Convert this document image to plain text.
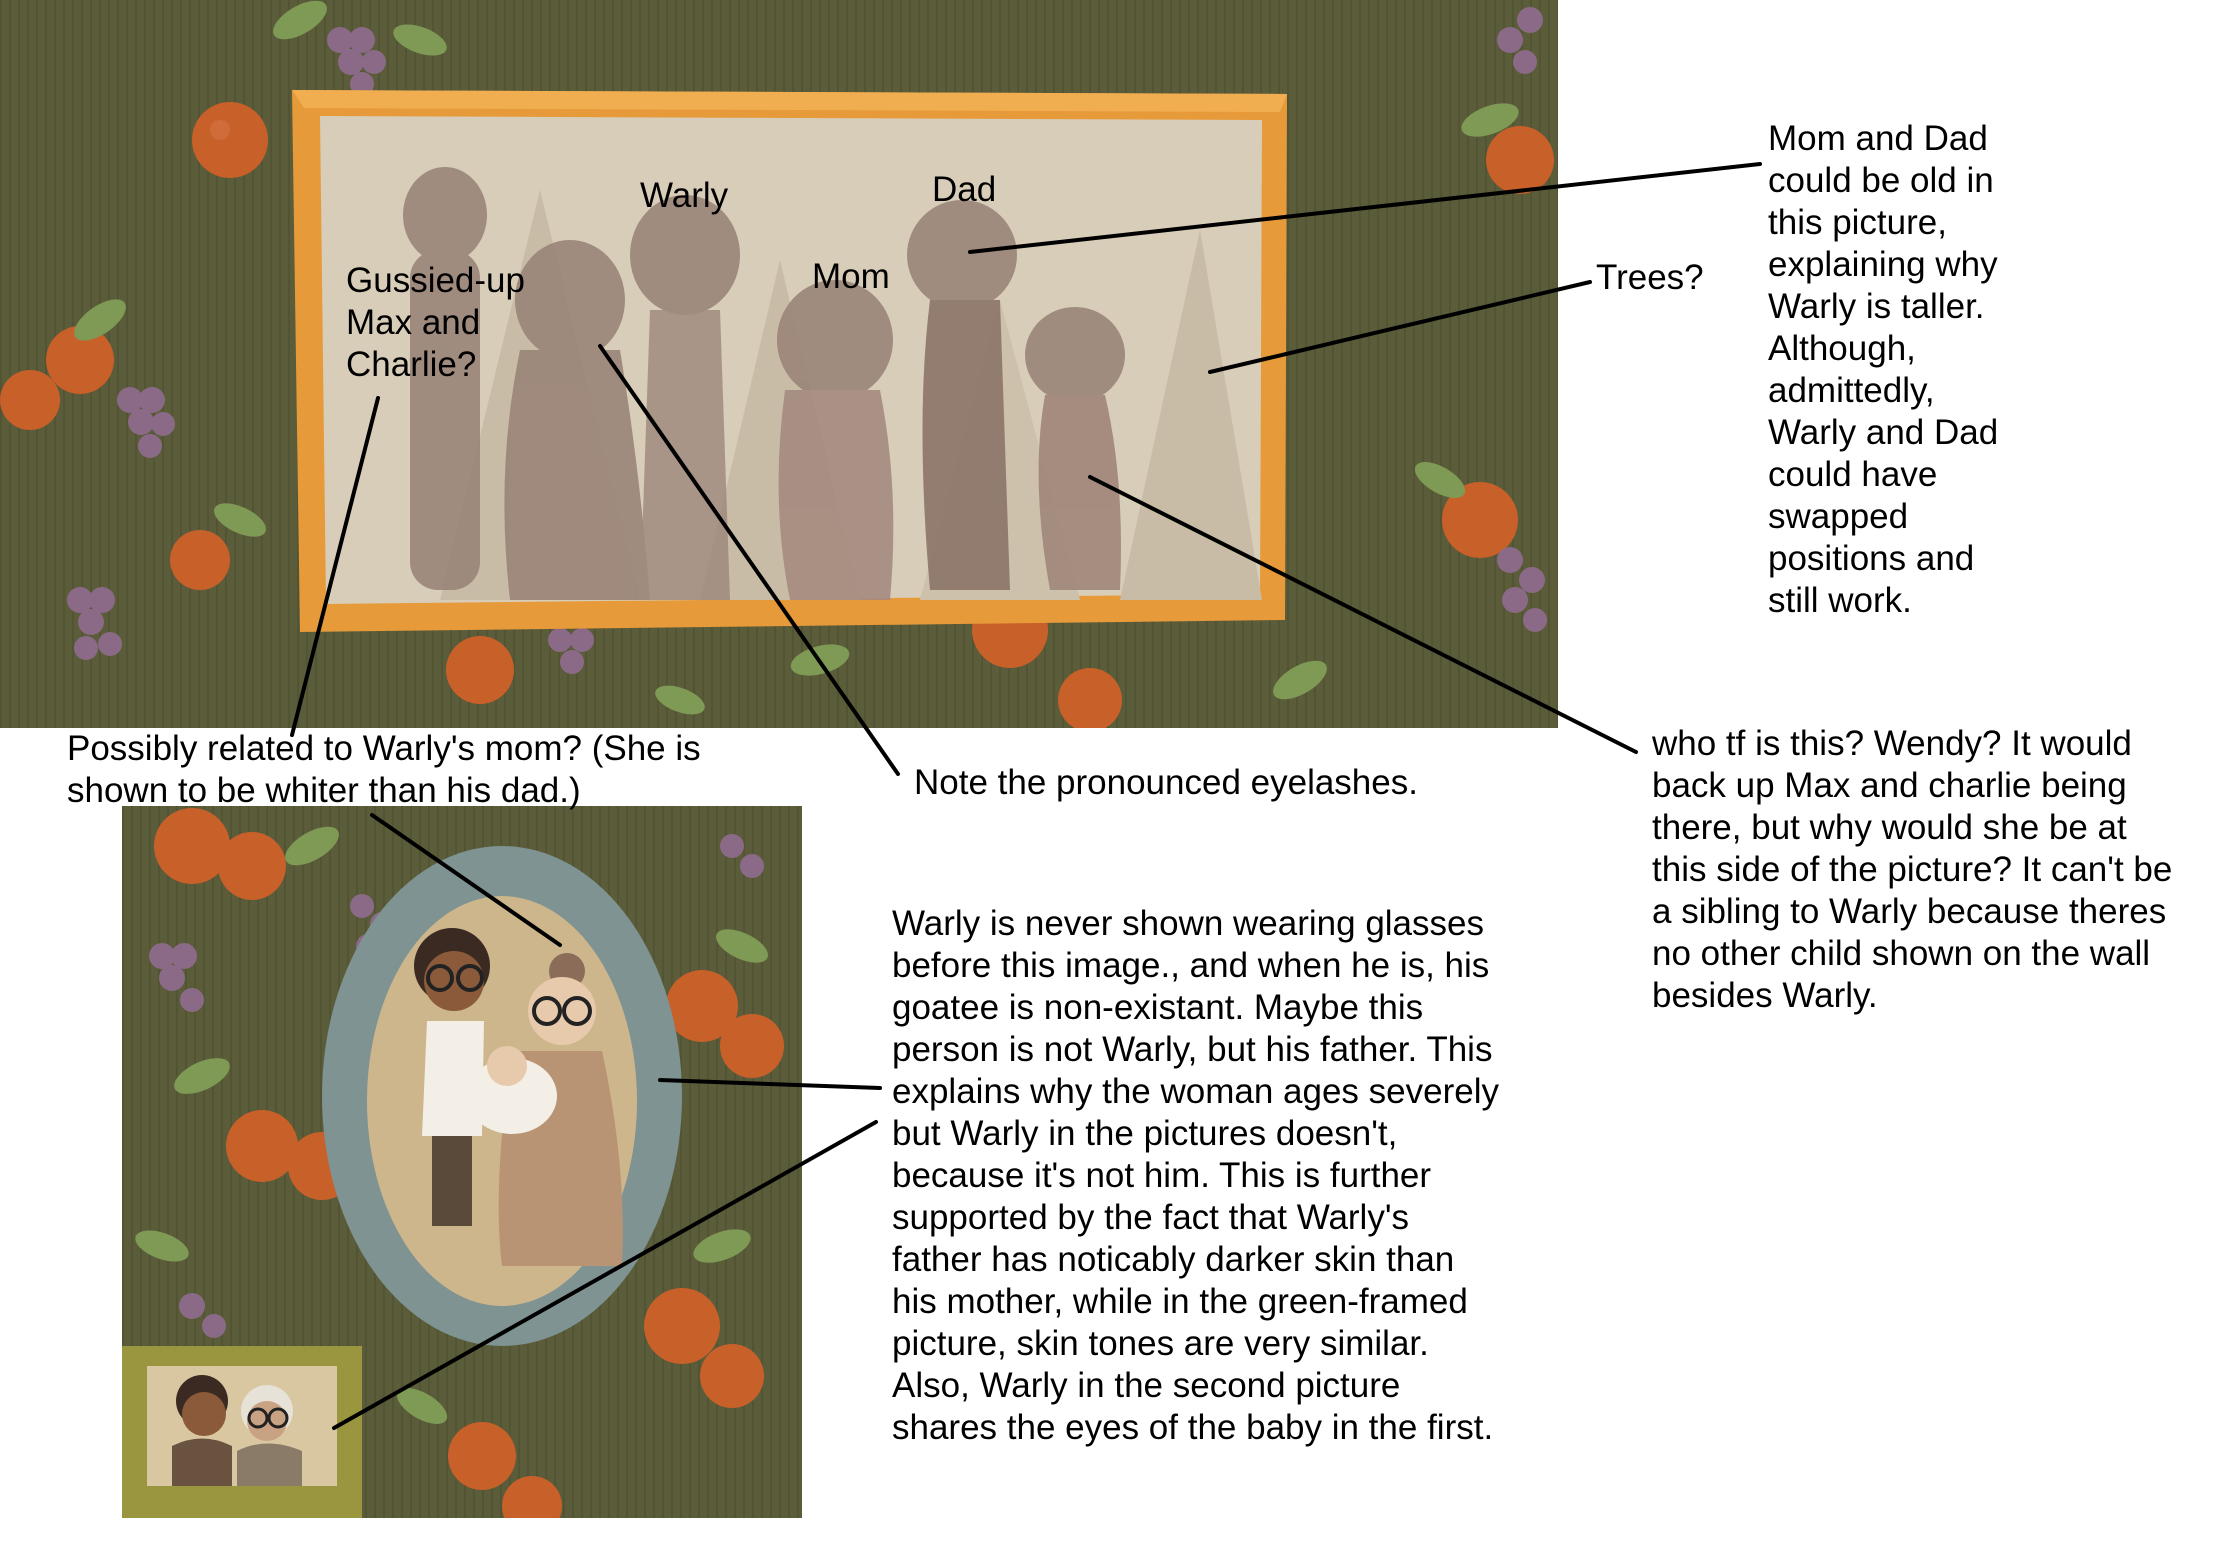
Warly	Dad
Mom
Gussied-up
Max and
Charlie?
Trees?
Mom and Dad
could be old in
this picture,
explaining why
Warly is taller.
Although,
admittedly,
Warly and Dad
could have
swapped
positions and
still work.
Possibly related to Warly's mom? (She is
shown to be whiter than his dad.)	Note the pronounced eyelashes.
who tf is this? Wendy? It would
back up Max and charlie being
there, but why would she be at
this side of the picture? It can't be
a sibling to Warly because theres
no other child shown on the wall
besides Warly.
Warly is never shown wearing glasses
before this image., and when he is, his
goatee is non-existant. Maybe this
person is not Warly, but his father. This
explains why the woman ages severely
but Warly in the pictures doesn't,
because it's not him. This is further
supported by the fact that Warly's
father has noticably darker skin than
his mother, while in the green-framed
picture, skin tones are very similar.
Also, Warly in the second picture
shares the eyes of the baby in the first.
